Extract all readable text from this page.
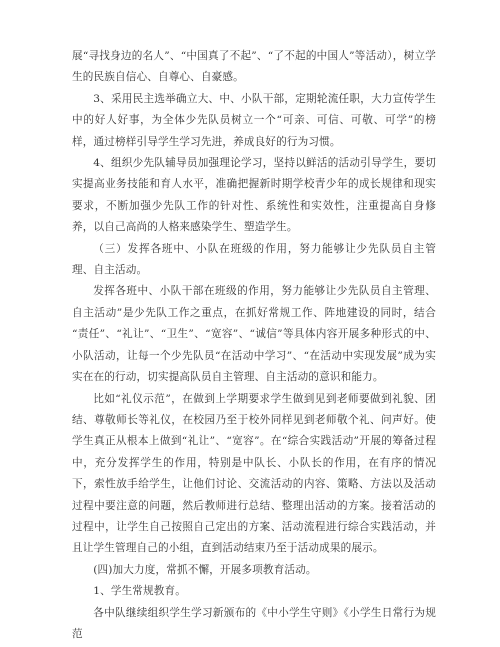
展“寻找身边的名人”、“中国真了不起”、“了不起的中国人”等活动），树立学生的民族自信心、自尊心、自豪感。

3、采用民主选举确立大、中、小队干部，定期轮流任职，大力宣传学生中的好人好事，为全体少先队员树立一个“可亲、可信、可敬、可学”的榜样，通过榜样引导学生学习先进，养成良好的行为习惯。

4、组织少先队辅导员加强理论学习，坚持以鲜活的活动引导学生，要切实提高业务技能和育人水平，准确把握新时期学校青少年的成长规律和现实要求，不断加强少先队工作的针对性、系统性和实效性，注重提高自身修养，以自己高尚的人格来感染学生、塑造学生。

（三）发挥各班中、小队在班级的作用，努力能够让少先队员自主管理、自主活动。

发挥各班中、小队干部在班级的作用，努力能够让少先队员自主管理、自主活动”是少先队工作之重点，在抓好常规工作、阵地建设的同时，结合 “责任”、“礼让”、“卫生”、“宽容”、“诚信”等具体内容开展多种形式的中、小队活动，让每一个少先队员“在活动中学习”、“在活动中实现发展”成为实实在在的行动，切实提高队员自主管理、自主活动的意识和能力。

比如“礼仪示范”，在做到上学期要求学生做到见到老师要做到礼貌、团结、尊敬师长等礼仪，在校园乃至于校外同样见到老师敬个礼、问声好。使学生真正从根本上做到“礼让”、“宽容”。在“综合实践活动”开展的筹备过程中，充分发挥学生的作用，特别是中队长、小队长的作用，在有序的情况下，索性放手给学生，让他们讨论、交流活动的内容、策略、方法以及活动过程中要注意的问题，然后教师进行总结、整理出活动的方案。接着活动的过程中，让学生自己按照自己定出的方案、活动流程进行综合实践活动，并且让学生管理自己的小组，直到活动结束乃至于活动成果的展示。

(四)加大力度，常抓不懈，开展多项教育活动。

1、学生常规教育。

各中队继续组织学生学习新颁布的《中小学生守则》《小学生日常行为规范
